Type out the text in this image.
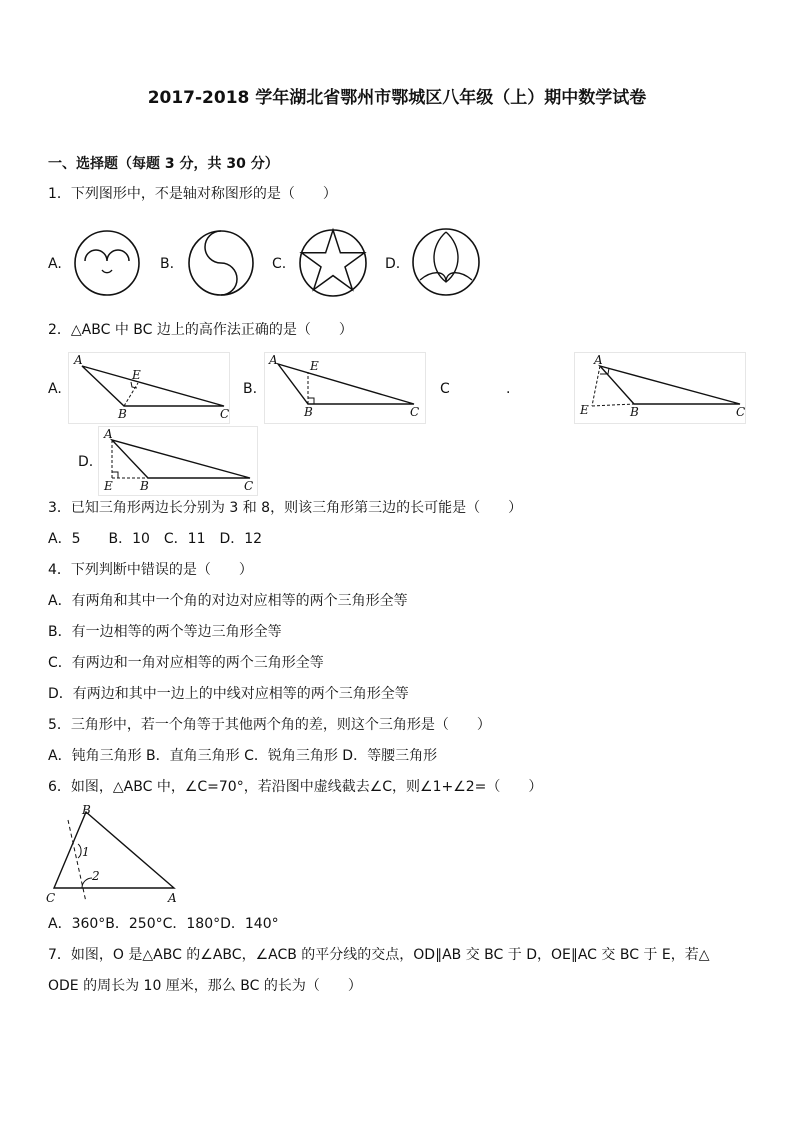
2017-2018 学年湖北省鄂州市鄂城区八年级（上）期中数学试卷
一、选择题（每题 3 分，共 30 分）
1．下列图形中，不是轴对称图形的是（　　）
A.	B.	C.	D.
2．△ABC 中 BC 边上的高作法正确的是（　　）
A.
A
E
B	C
B.
A	E
B	C
C	.
A
E	B	C
D.
A
E B	C
3．已知三角形两边长分别为 3 和 8，则该三角形第三边的长可能是（　　）
A．5　　B．10　C．11　D．12
4．下列判断中错误的是（　　）
A．有两角和其中一个角的对边对应相等的两个三角形全等
B．有一边相等的两个等边三角形全等
C．有两边和一角对应相等的两个三角形全等
D．有两边和其中一边上的中线对应相等的两个三角形全等
5．三角形中，若一个角等于其他两个角的差，则这个三角形是（　　）
A．钝角三角形 B．直角三角形 C．锐角三角形 D．等腰三角形
6．如图，△ABC 中，∠C=70°，若沿图中虚线截去∠C，则∠1+∠2=（　　）
B
C	A
1
2
A．360°B．250°C．180°D．140°
7．如图，O 是△ABC 的∠ABC，∠ACB 的平分线的交点，OD∥AB 交 BC 于 D，OE∥AC 交 BC 于 E，若△
ODE 的周长为 10 厘米，那么 BC 的长为（　　）
